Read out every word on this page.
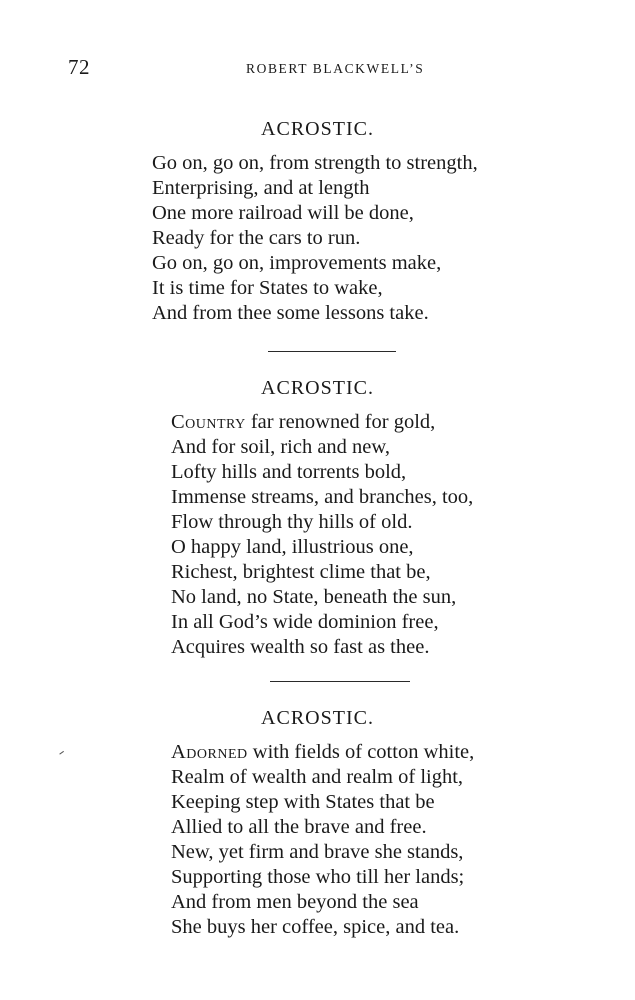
72	ROBERT BLACKWELL’S
ACROSTIC.
Go on, go on, from strength to strength,
Enterprising, and at length
One more railroad will be done,
Ready for the cars to run.
Go on, go on, improvements make,
It is time for States to wake,
And from thee some lessons take.
ACROSTIC.
Country far renowned for gold,
And for soil, rich and new,
Lofty hills and torrents bold,
Immense streams, and branches, too,
Flow through thy hills of old.
O happy land, illustrious one,
Richest, brightest clime that be,
No land, no State, beneath the sun,
In all God’s wide dominion free,
Acquires wealth so fast as thee.
ACROSTIC.
Adorned with fields of cotton white,
Realm of wealth and realm of light,
Keeping step with States that be
Allied to all the brave and free.
New, yet firm and brave she stands,
Supporting those who till her lands;
And from men beyond the sea
She buys her coffee, spice, and tea.
